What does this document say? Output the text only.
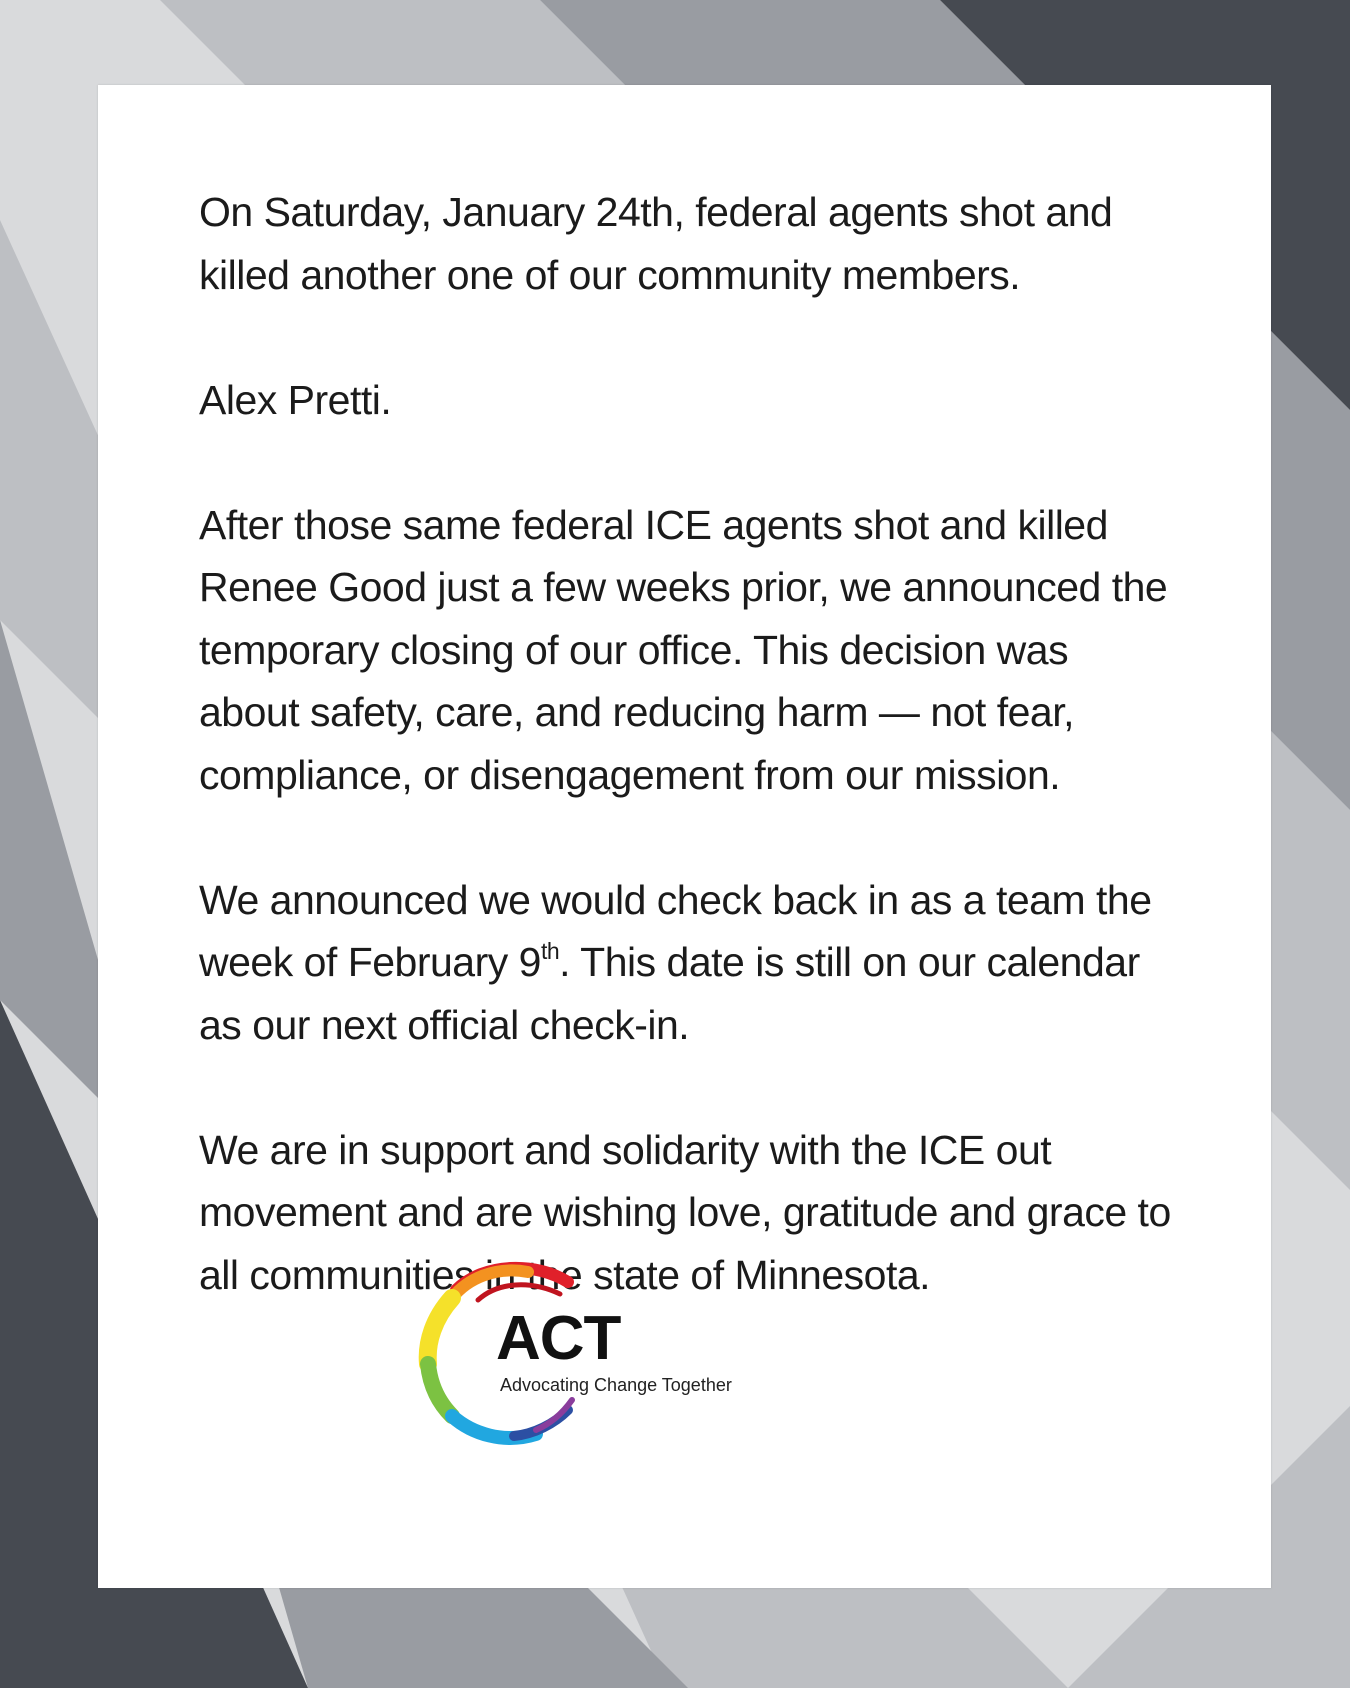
On Saturday, January 24th, federal agents shot and
killed another one of our community members.

Alex Pretti.

After those same federal ICE agents shot and killed
Renee Good just a few weeks prior, we announced the
temporary closing of our office. This decision was
about safety, care, and reducing harm — not fear,
compliance, or disengagement from our mission.

We announced we would check back in as a team the
week of February 9th. This date is still on our calendar
as our next official check-in.

We are in support and solidarity with the ICE out
movement and are wishing love, gratitude and grace to
all communities in the state of Minnesota.

ACT
Advocating Change Together
